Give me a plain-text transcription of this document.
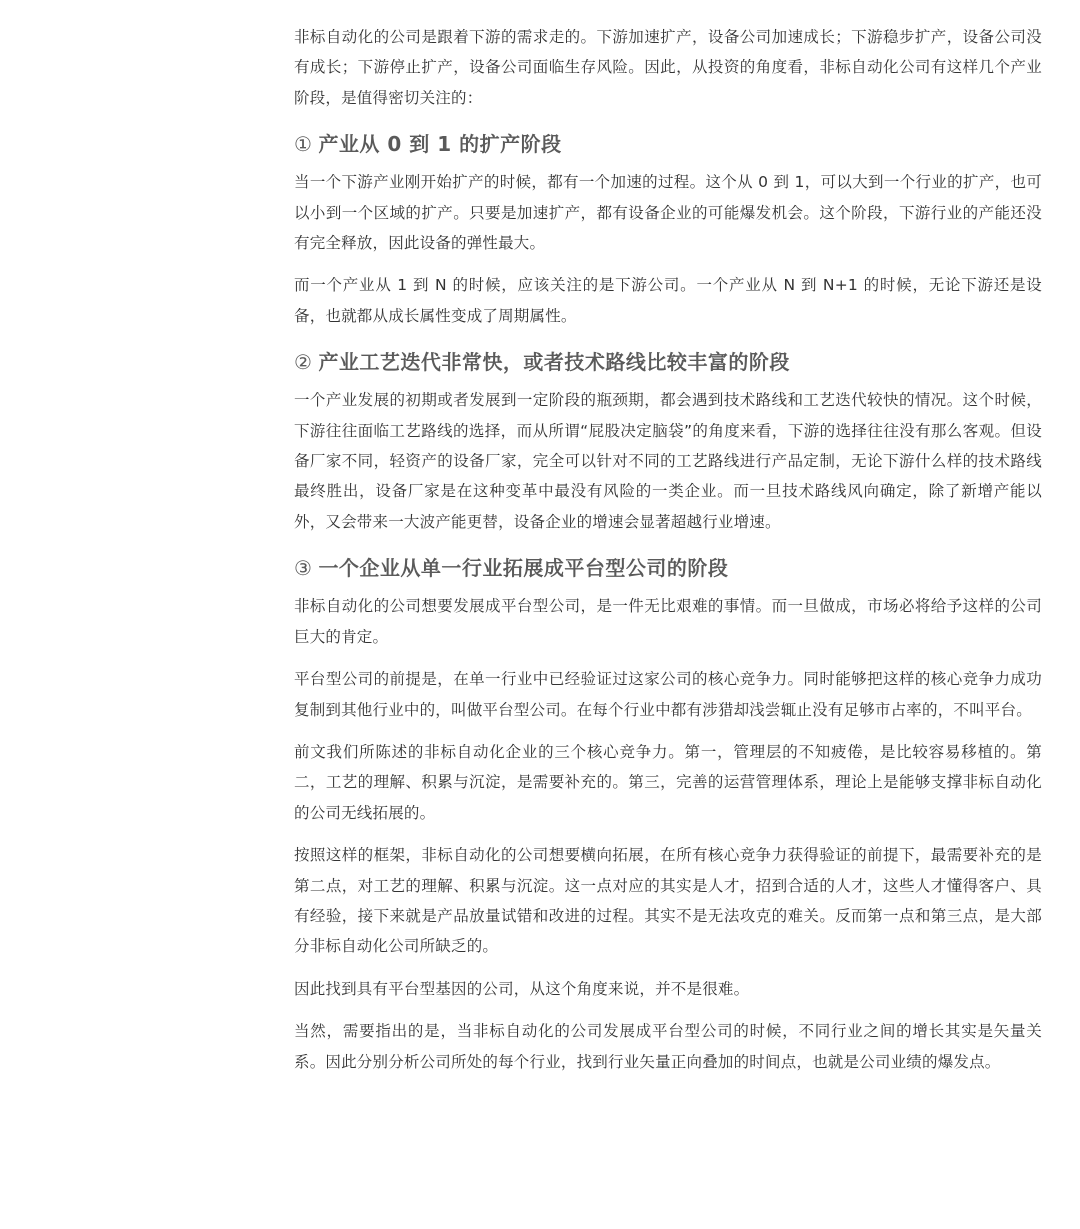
非标自动化的公司是跟着下游的需求走的。下游加速扩产，设备公司加速成长；下游稳步扩产，设备公司没有成长；下游停止扩产，设备公司面临生存风险。因此，从投资的角度看，非标自动化公司有这样几个产业阶段，是值得密切关注的：

① 产业从 0 到 1 的扩产阶段

当一个下游产业刚开始扩产的时候，都有一个加速的过程。这个从 0 到 1，可以大到一个行业的扩产，也可以小到一个区域的扩产。只要是加速扩产，都有设备企业的可能爆发机会。这个阶段，下游行业的产能还没有完全释放，因此设备的弹性最大。

而一个产业从 1 到 N 的时候，应该关注的是下游公司。一个产业从 N 到 N+1 的时候，无论下游还是设备，也就都从成长属性变成了周期属性。

② 产业工艺迭代非常快，或者技术路线比较丰富的阶段

一个产业发展的初期或者发展到一定阶段的瓶颈期，都会遇到技术路线和工艺迭代较快的情况。这个时候，下游往往面临工艺路线的选择，而从所谓“屁股决定脑袋”的角度来看，下游的选择往往没有那么客观。但设备厂家不同，轻资产的设备厂家，完全可以针对不同的工艺路线进行产品定制，无论下游什么样的技术路线最终胜出，设备厂家是在这种变革中最没有风险的一类企业。而一旦技术路线风向确定，除了新增产能以外，又会带来一大波产能更替，设备企业的增速会显著超越行业增速。

③ 一个企业从单一行业拓展成平台型公司的阶段

非标自动化的公司想要发展成平台型公司，是一件无比艰难的事情。而一旦做成，市场必将给予这样的公司巨大的肯定。

平台型公司的前提是，在单一行业中已经验证过这家公司的核心竞争力。同时能够把这样的核心竞争力成功复制到其他行业中的，叫做平台型公司。在每个行业中都有涉猎却浅尝辄止没有足够市占率的，不叫平台。

前文我们所陈述的非标自动化企业的三个核心竞争力。第一，管理层的不知疲倦，是比较容易移植的。第二，工艺的理解、积累与沉淀，是需要补充的。第三，完善的运营管理体系，理论上是能够支撑非标自动化的公司无线拓展的。

按照这样的框架，非标自动化的公司想要横向拓展，在所有核心竞争力获得验证的前提下，最需要补充的是第二点，对工艺的理解、积累与沉淀。这一点对应的其实是人才，招到合适的人才，这些人才懂得客户、具有经验，接下来就是产品放量试错和改进的过程。其实不是无法攻克的难关。反而第一点和第三点，是大部分非标自动化公司所缺乏的。

因此找到具有平台型基因的公司，从这个角度来说，并不是很难。

当然，需要指出的是，当非标自动化的公司发展成平台型公司的时候，不同行业之间的增长其实是矢量关系。因此分别分析公司所处的每个行业，找到行业矢量正向叠加的时间点，也就是公司业绩的爆发点。
